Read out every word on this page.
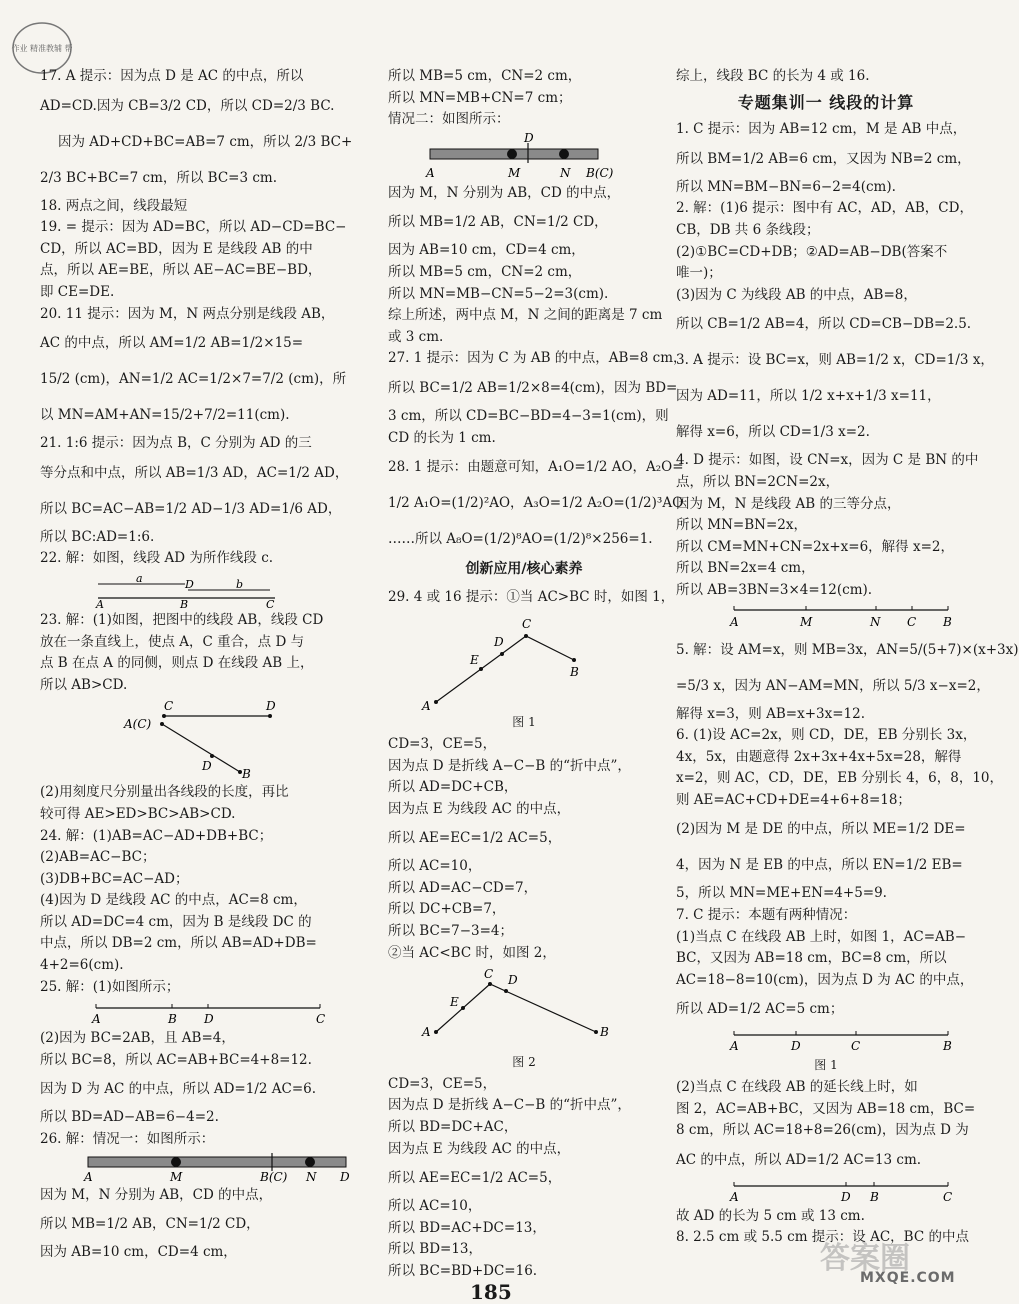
作业 精准教辅 帮
17. A 提示：因为点 D 是 AC 的中点，所以
AD=CD.因为 CB=3/2 CD，所以 CD=2/3 BC.
因为 AD+CD+BC=AB=7 cm，所以 2/3 BC+
2/3 BC+BC=7 cm，所以 BC=3 cm.
18. 两点之间，线段最短
19. = 提示：因为 AD=BC，所以 AD−CD=BC−
CD，所以 AC=BD，因为 E 是线段 AB 的中
点，所以 AE=BE，所以 AE−AC=BE−BD，
即 CE=DE.
20. 11 提示：因为 M，N 两点分别是线段 AB，
AC 的中点，所以 AM=1/2 AB=1/2×15=
15/2 (cm)，AN=1/2 AC=1/2×7=7/2 (cm)，所
以 MN=AM+AN=15/2+7/2=11(cm).
21. 1:6 提示：因为点 B，C 分别为 AD 的三
等分点和中点，所以 AB=1/3 AD，AC=1/2 AD，
所以 BC=AC−AB=1/2 AD−1/3 AD=1/6 AD，
所以 BC:AD=1:6.
22. 解：如图，线段 AD 为所作线段 c.
a
A	B
D	b
C
23. 解：(1)如图，把图中的线段 AB，线段 CD
放在一条直线上，使点 A，C 重合，点 D 与
点 B 在点 A 的同侧，则点 D 在线段 AB 上，
所以 AB>CD.
A(C)
C	D
D
B
(2)用刻度尺分别量出各线段的长度，再比
较可得 AE>ED>BC>AB>CD.
24. 解：(1)AB=AC−AD+DB+BC；
(2)AB=AC−BC；
(3)DB+BC=AC−AD；
(4)因为 D 是线段 AC 的中点，AC=8 cm，
所以 AD=DC=4 cm，因为 B 是线段 DC 的
中点，所以 DB=2 cm，所以 AB=AD+DB=
4+2=6(cm).
25. 解：(1)如图所示；
A	B D	C
(2)因为 BC=2AB，且 AB=4，
所以 BC=8，所以 AC=AB+BC=4+8=12.
因为 D 为 AC 的中点，所以 AD=1/2 AC=6.
所以 BD=AD−AB=6−4=2.
26. 解：情况一：如图所示：
A	M	B(C) N D
因为 M，N 分别为 AB，CD 的中点，
所以 MB=1/2 AB，CN=1/2 CD，
因为 AB=10 cm，CD=4 cm，
所以 MB=5 cm，CN=2 cm，
所以 MN=MB+CN=7 cm；
情况二：如图所示：
D
A	M	N B(C)
因为 M，N 分别为 AB，CD 的中点，
所以 MB=1/2 AB，CN=1/2 CD，
因为 AB=10 cm，CD=4 cm，
所以 MB=5 cm，CN=2 cm，
所以 MN=MB−CN=5−2=3(cm).
综上所述，两中点 M，N 之间的距离是 7 cm
或 3 cm.
27. 1 提示：因为 C 为 AB 的中点，AB=8 cm，
所以 BC=1/2 AB=1/2×8=4(cm)，因为 BD=
3 cm，所以 CD=BC−BD=4−3=1(cm)，则
CD 的长为 1 cm.
28. 1 提示：由题意可知，A₁O=1/2 AO，A₂O=
1/2 A₁O=(1/2)²AO，A₃O=1/2 A₂O=(1/2)³AO
……所以 A₈O=(1/2)⁸AO=(1/2)⁸×256=1.
创新应用/核心素养
29. 4 或 16 提示：①当 AC>BC 时，如图 1，
D
C
E
B
A
图 1
CD=3，CE=5，
因为点 D 是折线 A−C−B 的“折中点”，
所以 AD=DC+CB，
因为点 E 为线段 AC 的中点，
所以 AE=EC=1/2 AC=5，
所以 AC=10，
所以 AD=AC−CD=7，
所以 DC+CB=7，
所以 BC=7−3=4；
②当 AC<BC 时，如图 2，
C D
E
A	B
图 2
CD=3，CE=5，
因为点 D 是折线 A−C−B 的“折中点”，
所以 BD=DC+AC，
因为点 E 为线段 AC 的中点，
所以 AE=EC=1/2 AC=5，
所以 AC=10，
所以 BD=AC+DC=13，
所以 BD=13，
所以 BC=BD+DC=16.
综上，线段 BC 的长为 4 或 16.
专题集训一 线段的计算
1. C 提示：因为 AB=12 cm，M 是 AB 中点，
所以 BM=1/2 AB=6 cm，又因为 NB=2 cm，
所以 MN=BM−BN=6−2=4(cm).
2. 解：(1)6 提示：图中有 AC，AD，AB，CD，
CB，DB 共 6 条线段；
(2)①BC=CD+DB；②AD=AB−DB(答案不
唯一)；
(3)因为 C 为线段 AB 的中点，AB=8，
所以 CB=1/2 AB=4，所以 CD=CB−DB=2.5.
3. A 提示：设 BC=x，则 AB=1/2 x，CD=1/3 x，
因为 AD=11，所以 1/2 x+x+1/3 x=11，
解得 x=6，所以 CD=1/3 x=2.
4. D 提示：如图，设 CN=x，因为 C 是 BN 的中
点，所以 BN=2CN=2x，
因为 M，N 是线段 AB 的三等分点，
所以 MN=BN=2x，
所以 CM=MN+CN=2x+x=6，解得 x=2，
所以 BN=2x=4 cm，
所以 AB=3BN=3×4=12(cm).
A	M	N C B
5. 解：设 AM=x，则 MB=3x，AN=5/(5+7)×(x+3x)
=5/3 x，因为 AN−AM=MN，所以 5/3 x−x=2，
解得 x=3，则 AB=x+3x=12.
6. (1)设 AC=2x，则 CD，DE，EB 分别长 3x，
4x，5x，由题意得 2x+3x+4x+5x=28，解得
x=2，则 AC，CD，DE，EB 分别长 4，6，8，10，
则 AE=AC+CD+DE=4+6+8=18；
(2)因为 M 是 DE 的中点，所以 ME=1/2 DE=
4，因为 N 是 EB 的中点，所以 EN=1/2 EB=
5，所以 MN=ME+EN=4+5=9.
7. C 提示：本题有两种情况：
(1)当点 C 在线段 AB 上时，如图 1，AC=AB−
BC，又因为 AB=18 cm，BC=8 cm，所以
AC=18−8=10(cm)，因为点 D 为 AC 的中点，
所以 AD=1/2 AC=5 cm；
A	D	C	B
图 1
(2)当点 C 在线段 AB 的延长线上时，如
图 2，AC=AB+BC，又因为 AB=18 cm，BC=
8 cm，所以 AC=18+8=26(cm)，因为点 D 为
AC 的中点，所以 AD=1/2 AC=13 cm.
A	D B	C
故 AD 的长为 5 cm 或 13 cm.
8. 2.5 cm 或 5.5 cm 提示：设 AC，BC 的中点
185
答案圈
MXQE.COM
